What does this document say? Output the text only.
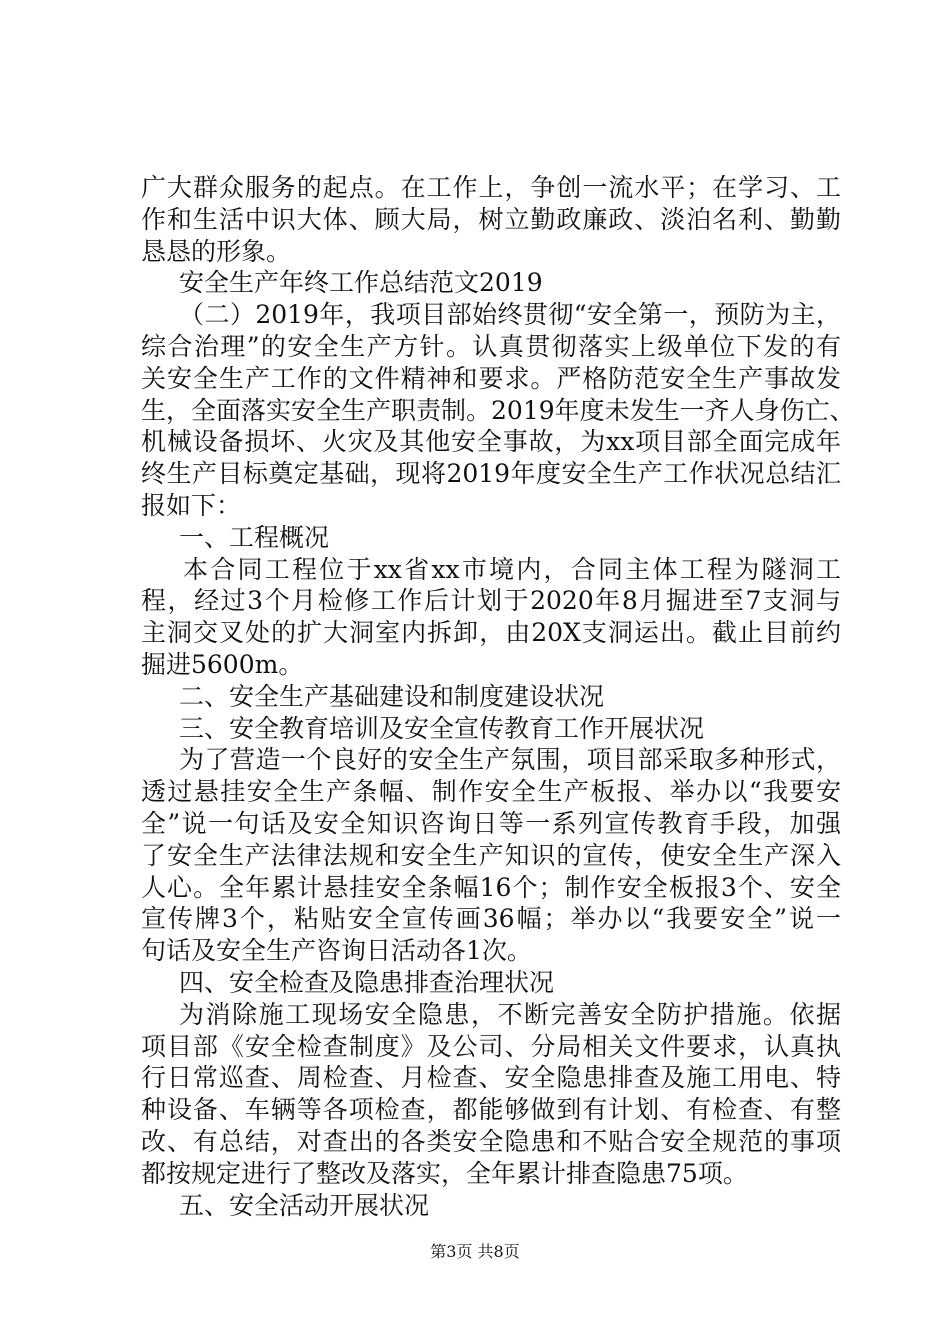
广大群众服务的起点。在工作上，争创一流水平；在学习、工
作和生活中识大体、顾大局，树立勤政廉政、淡泊名利、勤勤
恳恳的形象。
安全生产年终工作总结范文2019
（二）2019年，我项目部始终贯彻“安全第一，预防为主，
综合治理”的安全生产方针。认真贯彻落实上级单位下发的有
关安全生产工作的文件精神和要求。严格防范安全生产事故发
生，全面落实安全生产职责制。2019年度未发生一齐人身伤亡、
机械设备损坏、火灾及其他安全事故，为xx项目部全面完成年
终生产目标奠定基础，现将2019年度安全生产工作状况总结汇
报如下：
一、工程概况
本合同工程位于xx省xx市境内，合同主体工程为隧洞工
程，经过3个月检修工作后计划于2020年8月掘进至7支洞与
主洞交叉处的扩大洞室内拆卸，由20X支洞运出。截止目前约
掘进5600m。
二、安全生产基础建设和制度建设状况
三、安全教育培训及安全宣传教育工作开展状况
为了营造一个良好的安全生产氛围，项目部采取多种形式，
透过悬挂安全生产条幅、制作安全生产板报、举办以“我要安
全”说一句话及安全知识咨询日等一系列宣传教育手段，加强
了安全生产法律法规和安全生产知识的宣传，使安全生产深入
人心。全年累计悬挂安全条幅16个；制作安全板报3个、安全
宣传牌3个，粘贴安全宣传画36幅；举办以“我要安全”说一
句话及安全生产咨询日活动各1次。
四、安全检查及隐患排查治理状况
为消除施工现场安全隐患，不断完善安全防护措施。依据
项目部《安全检查制度》及公司、分局相关文件要求，认真执
行日常巡查、周检查、月检查、安全隐患排查及施工用电、特
种设备、车辆等各项检查，都能够做到有计划、有检查、有整
改、有总结，对查出的各类安全隐患和不贴合安全规范的事项
都按规定进行了整改及落实，全年累计排查隐患75项。
五、安全活动开展状况
第3页 共8页
